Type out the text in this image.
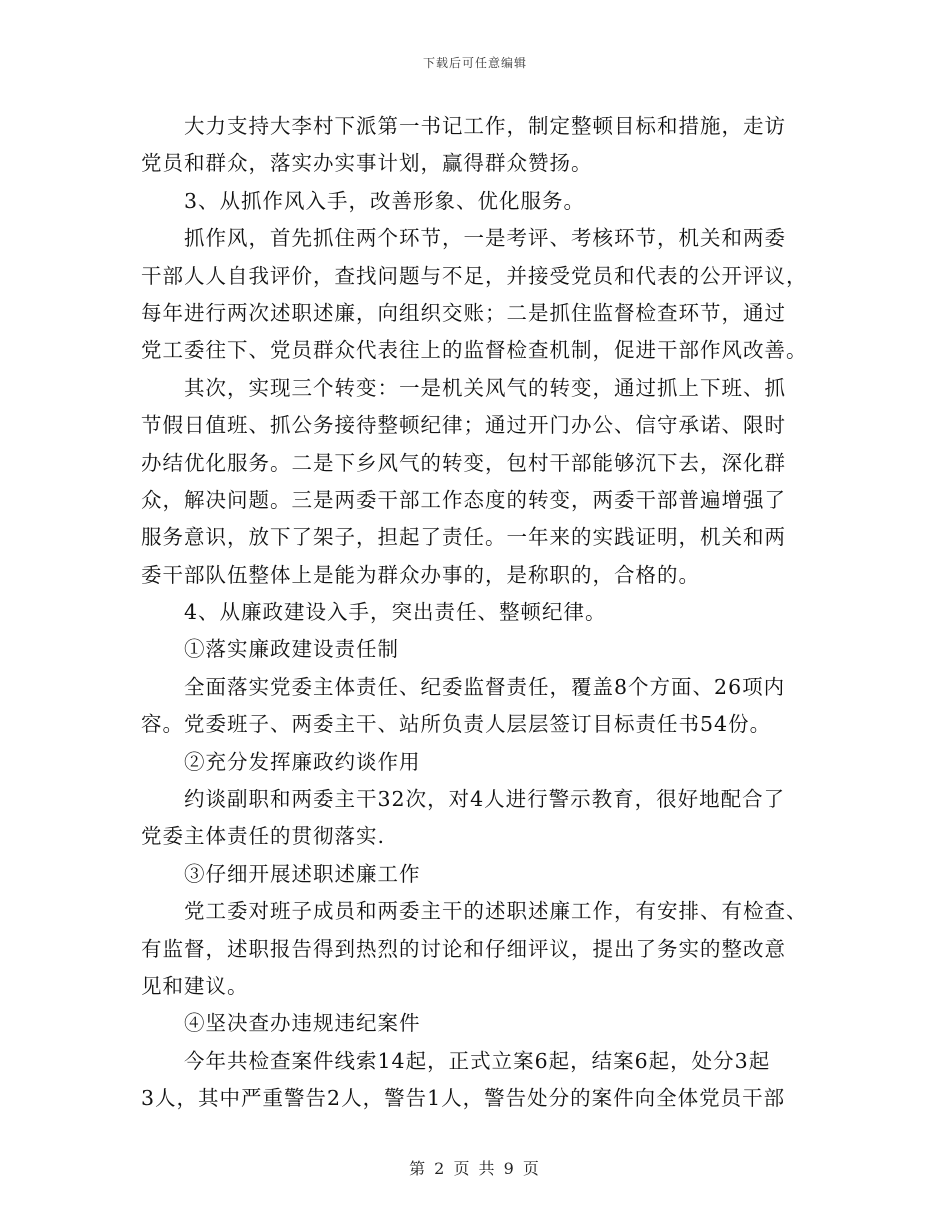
下载后可任意编辑
大力支持大李村下派第一书记工作，制定整顿目标和措施，走访
党员和群众，落实办实事计划，赢得群众赞扬。
3、从抓作风入手，改善形象、优化服务。
抓作风，首先抓住两个环节，一是考评、考核环节，机关和两委
干部人人自我评价，查找问题与不足，并接受党员和代表的公开评议，
每年进行两次述职述廉，向组织交账；二是抓住监督检查环节，通过
党工委往下、党员群众代表往上的监督检查机制，促进干部作风改善。
其次，实现三个转变：一是机关风气的转变，通过抓上下班、抓
节假日值班、抓公务接待整顿纪律；通过开门办公、信守承诺、限时
办结优化服务。二是下乡风气的转变，包村干部能够沉下去，深化群
众，解决问题。三是两委干部工作态度的转变，两委干部普遍增强了
服务意识，放下了架子，担起了责任。一年来的实践证明，机关和两
委干部队伍整体上是能为群众办事的，是称职的，合格的。
4、从廉政建设入手，突出责任、整顿纪律。
①落实廉政建设责任制
全面落实党委主体责任、纪委监督责任，覆盖8个方面、26项内
容。党委班子、两委主干、站所负责人层层签订目标责任书54份。
②充分发挥廉政约谈作用
约谈副职和两委主干32次，对4人进行警示教育，很好地配合了
党委主体责任的贯彻落实.
③仔细开展述职述廉工作
党工委对班子成员和两委主干的述职述廉工作，有安排、有检查、
有监督，述职报告得到热烈的讨论和仔细评议，提出了务实的整改意
见和建议。
④坚决查办违规违纪案件
今年共检查案件线索14起，正式立案6起，结案6起，处分3起
3人，其中严重警告2人，警告1人，警告处分的案件向全体党员干部
第 2 页 共 9 页
